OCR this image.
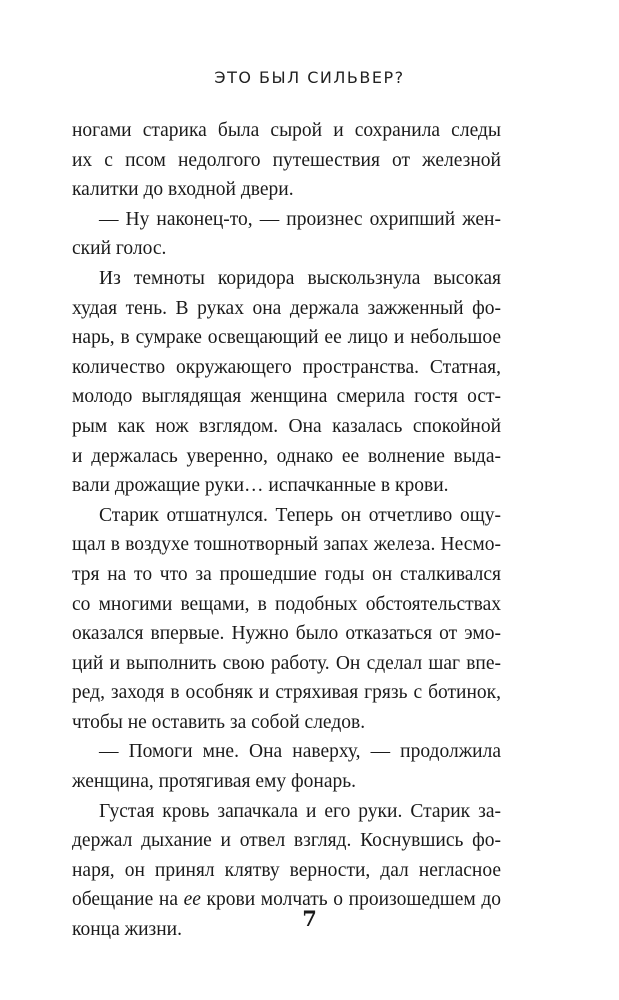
ЭТО БЫЛ СИЛЬВЕР?
ногами старика была сырой и сохранила следы
их с псом недолгого путешествия от железной
калитки до входной двери.
— Ну наконец-то, — произнес охрипший жен-
ский голос.
Из темноты коридора выскользнула высокая
худая тень. В руках она держала зажженный фо-
нарь, в сумраке освещающий ее лицо и небольшое
количество окружающего пространства. Статная,
молодо выглядящая женщина смерила гостя ост-
рым как нож взглядом. Она казалась спокойной
и держалась уверенно, однако ее волнение выда-
вали дрожащие руки… испачканные в крови.
Старик отшатнулся. Теперь он отчетливо ощу-
щал в воздухе тошнотворный запах железа. Несмо-
тря на то что за прошедшие годы он сталкивался
со многими вещами, в подобных обстоятельствах
оказался впервые. Нужно было отказаться от эмо-
ций и выполнить свою работу. Он сделал шаг впе-
ред, заходя в особняк и стряхивая грязь с ботинок,
чтобы не оставить за собой следов.
— Помоги мне. Она наверху, — продолжила
женщина, протягивая ему фонарь.
Густая кровь запачкала и его руки. Старик за-
держал дыхание и отвел взгляд. Коснувшись фо-
наря, он принял клятву верности, дал негласное
обещание на ее крови молчать о произошедшем до
конца жизни.	7
